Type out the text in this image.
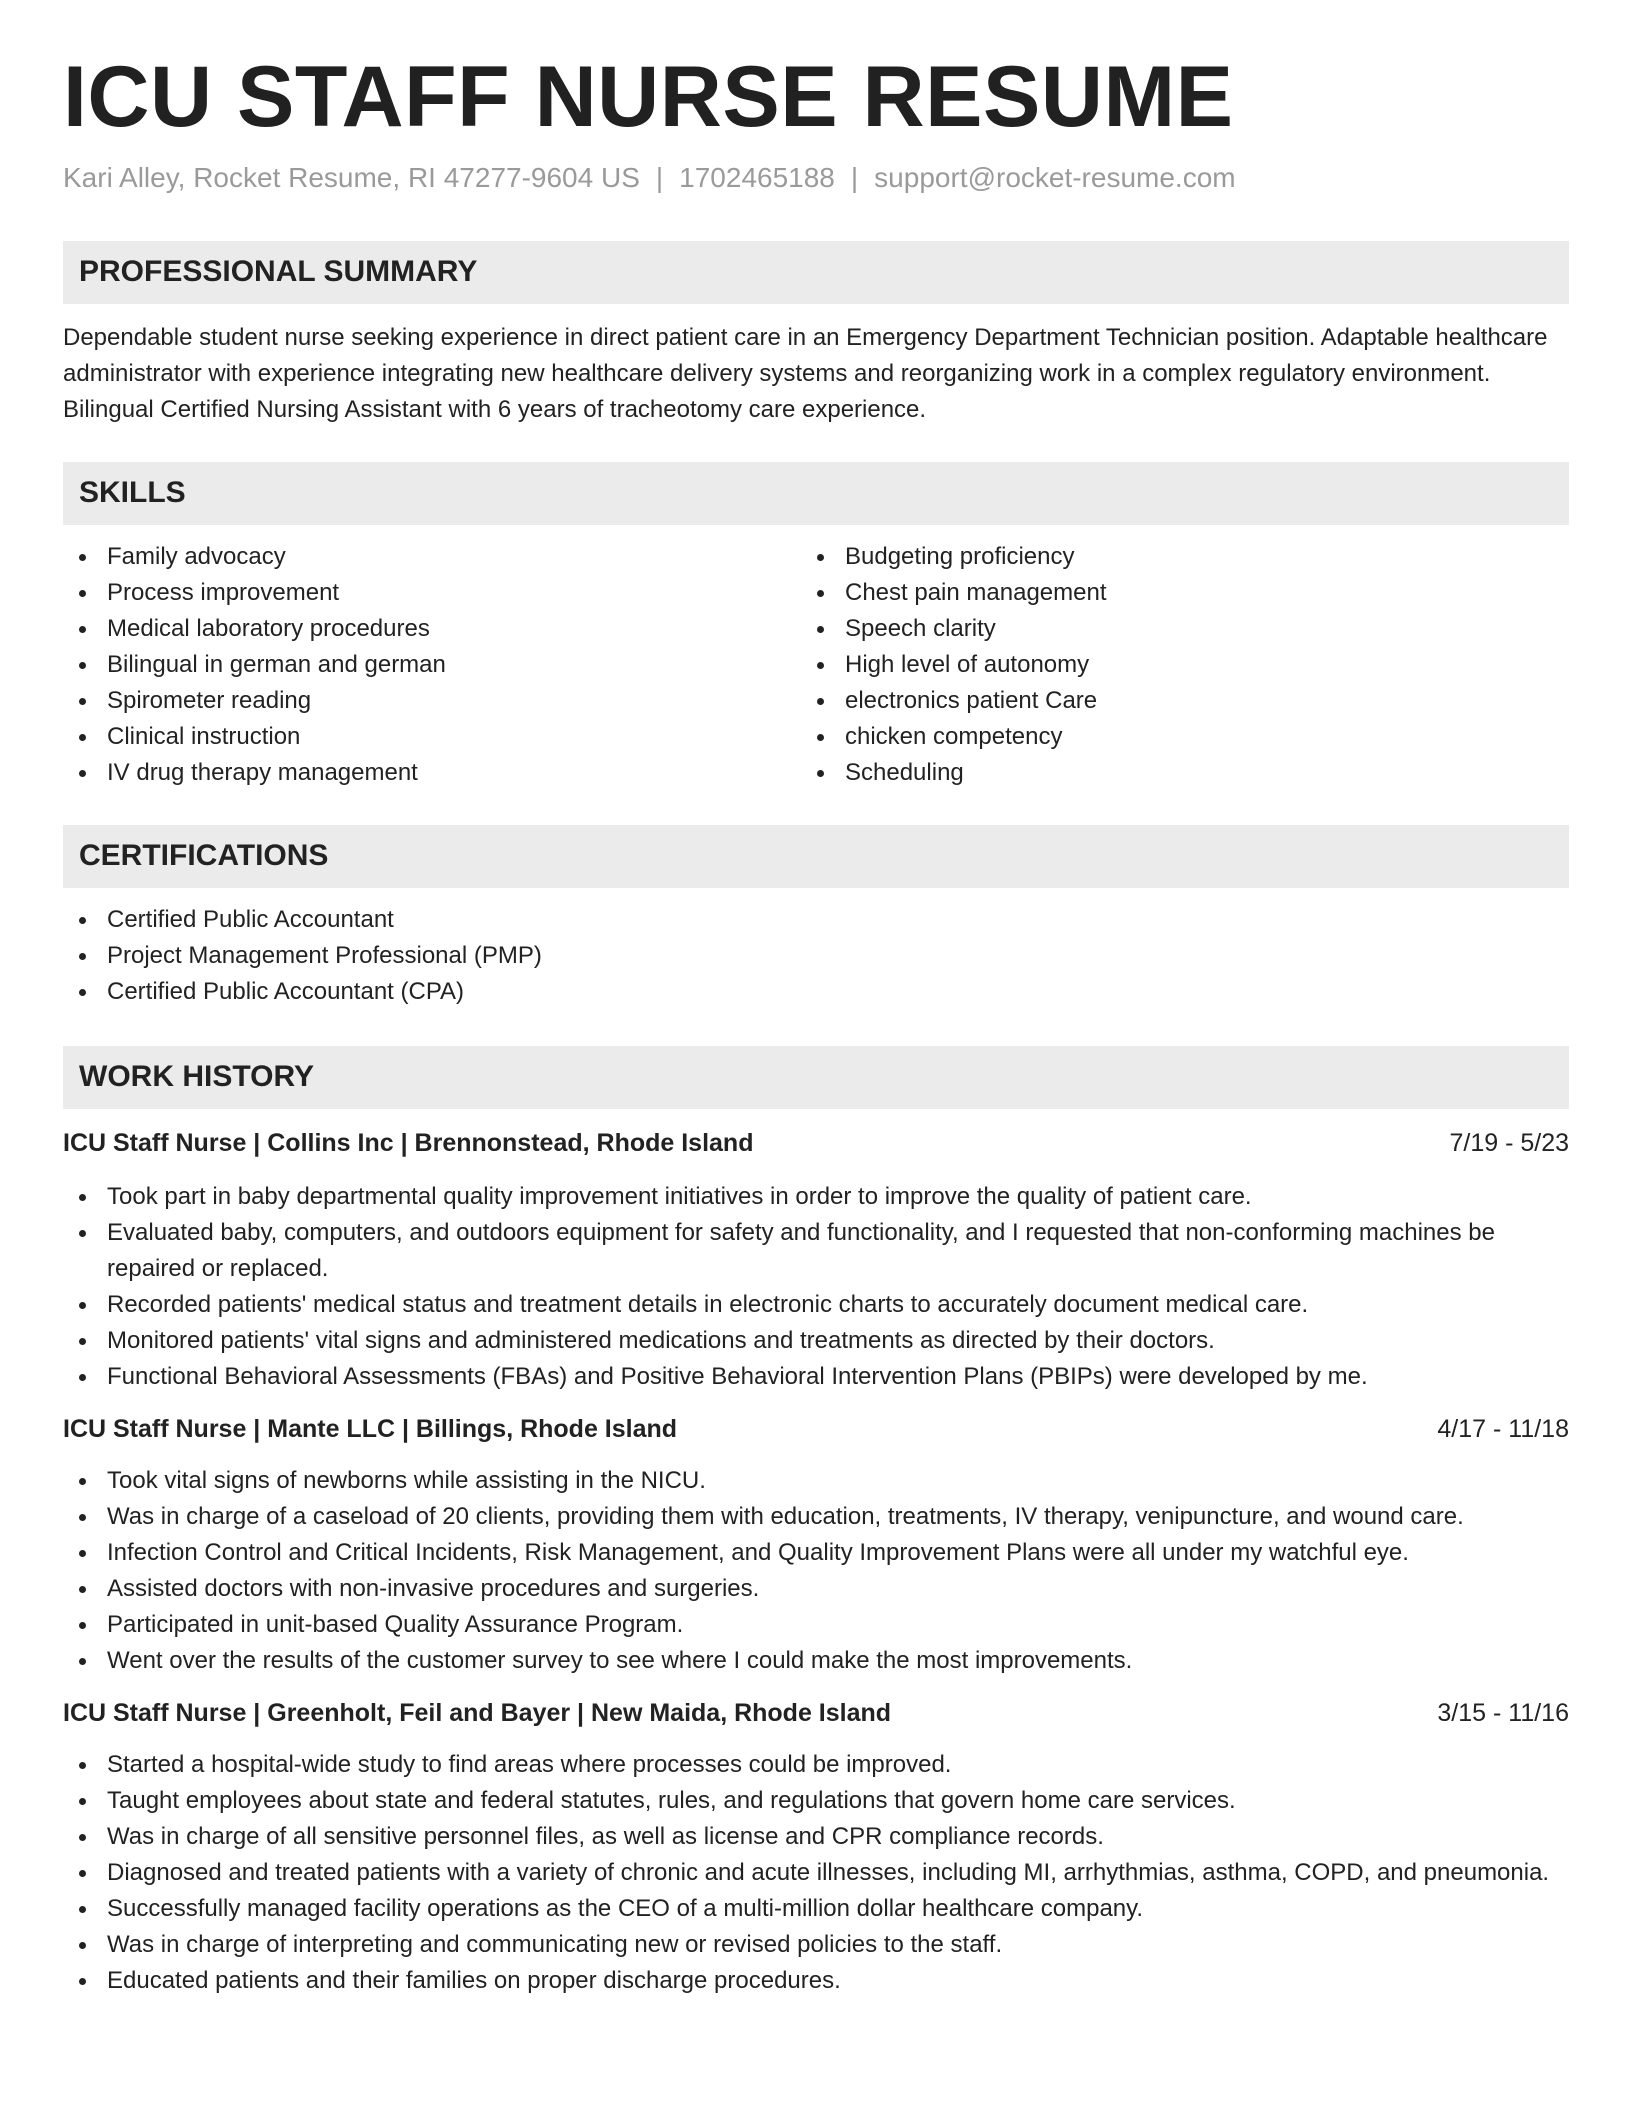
ICU STAFF NURSE RESUME
Kari Alley, Rocket Resume, RI 47277-9604 US | 1702465188 | support@rocket-resume.com
PROFESSIONAL SUMMARY

Dependable student nurse seeking experience in direct patient care in an Emergency Department Technician position. Adaptable healthcare administrator with experience integrating new healthcare delivery systems and reorganizing work in a complex regulatory environment. Bilingual Certified Nursing Assistant with 6 years of tracheotomy care experience.

SKILLS
Family advocacy
Process improvement
Medical laboratory procedures
Bilingual in german and german
Spirometer reading
Clinical instruction
IV drug therapy management
Budgeting proficiency
Chest pain management
Speech clarity
High level of autonomy
electronics patient Care
chicken competency
Scheduling
CERTIFICATIONS
Certified Public Accountant
Project Management Professional (PMP)
Certified Public Accountant (CPA)
WORK HISTORY
ICU Staff Nurse | Collins Inc | Brennonstead, Rhode Island	7/19 - 5/23
Took part in baby departmental quality improvement initiatives in order to improve the quality of patient care.
Evaluated baby, computers, and outdoors equipment for safety and functionality, and I requested that non-conforming machines be repaired or replaced.
Recorded patients' medical status and treatment details in electronic charts to accurately document medical care.
Monitored patients' vital signs and administered medications and treatments as directed by their doctors.
Functional Behavioral Assessments (FBAs) and Positive Behavioral Intervention Plans (PBIPs) were developed by me.
ICU Staff Nurse | Mante LLC | Billings, Rhode Island	4/17 - 11/18
Took vital signs of newborns while assisting in the NICU.
Was in charge of a caseload of 20 clients, providing them with education, treatments, IV therapy, venipuncture, and wound care.
Infection Control and Critical Incidents, Risk Management, and Quality Improvement Plans were all under my watchful eye.
Assisted doctors with non-invasive procedures and surgeries.
Participated in unit-based Quality Assurance Program.
Went over the results of the customer survey to see where I could make the most improvements.
ICU Staff Nurse | Greenholt, Feil and Bayer | New Maida, Rhode Island	3/15 - 11/16
Started a hospital-wide study to find areas where processes could be improved.
Taught employees about state and federal statutes, rules, and regulations that govern home care services.
Was in charge of all sensitive personnel files, as well as license and CPR compliance records.
Diagnosed and treated patients with a variety of chronic and acute illnesses, including MI, arrhythmias, asthma, COPD, and pneumonia.
Successfully managed facility operations as the CEO of a multi-million dollar healthcare company.
Was in charge of interpreting and communicating new or revised policies to the staff.
Educated patients and their families on proper discharge procedures.
